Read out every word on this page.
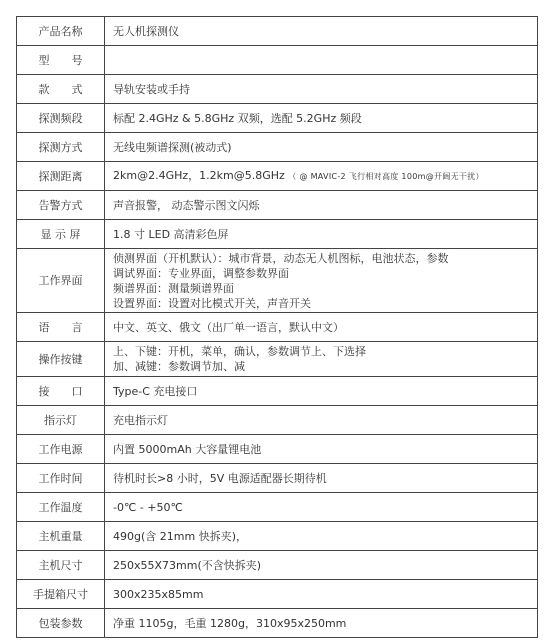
产品名称	无人机探测仪

型　　号	

款　　式	导轨安装或手持

探测频段	标配 2.4GHz & 5.8GHz 双频，选配 5.2GHz 频段

探测方式	无线电频谱探测(被动式)

探测距离	2km@2.4GHz，1.2km@5.8GHz （ @ MAVIC-2 飞行相对高度 100m@开阔无干扰）
告警方式	声音报警， 动态警示图文闪烁

显 示 屏	1.8 寸 LED 高清彩色屏

工作界面	侦测界面（开机默认）：城市背景，动态无人机图标，电池状态，参数
调试界面：专业界面，调整参数界面
频谱界面：测量频谱界面
设置界面：设置对比模式开关，声音开关

语　　言	中文、英文、俄文（出厂单一语言，默认中文）

操作按键	上、下键：开机，菜单，确认，参数调节上、下选择
加、减键：参数调节加、减

接　　口	Type-C 充电接口

指示灯	充电指示灯

工作电源	内置 5000mAh 大容量锂电池

工作时间	待机时长>8 小时，5V 电源适配器长期待机

工作温度	-0℃ - +50℃

主机重量	490g(含 21mm 快拆夹)，

主机尺寸	250x55X73mm(不含快拆夹)

手提箱尺寸	300x235x85mm

包装参数	净重 1105g，毛重 1280g，310x95x250mm
